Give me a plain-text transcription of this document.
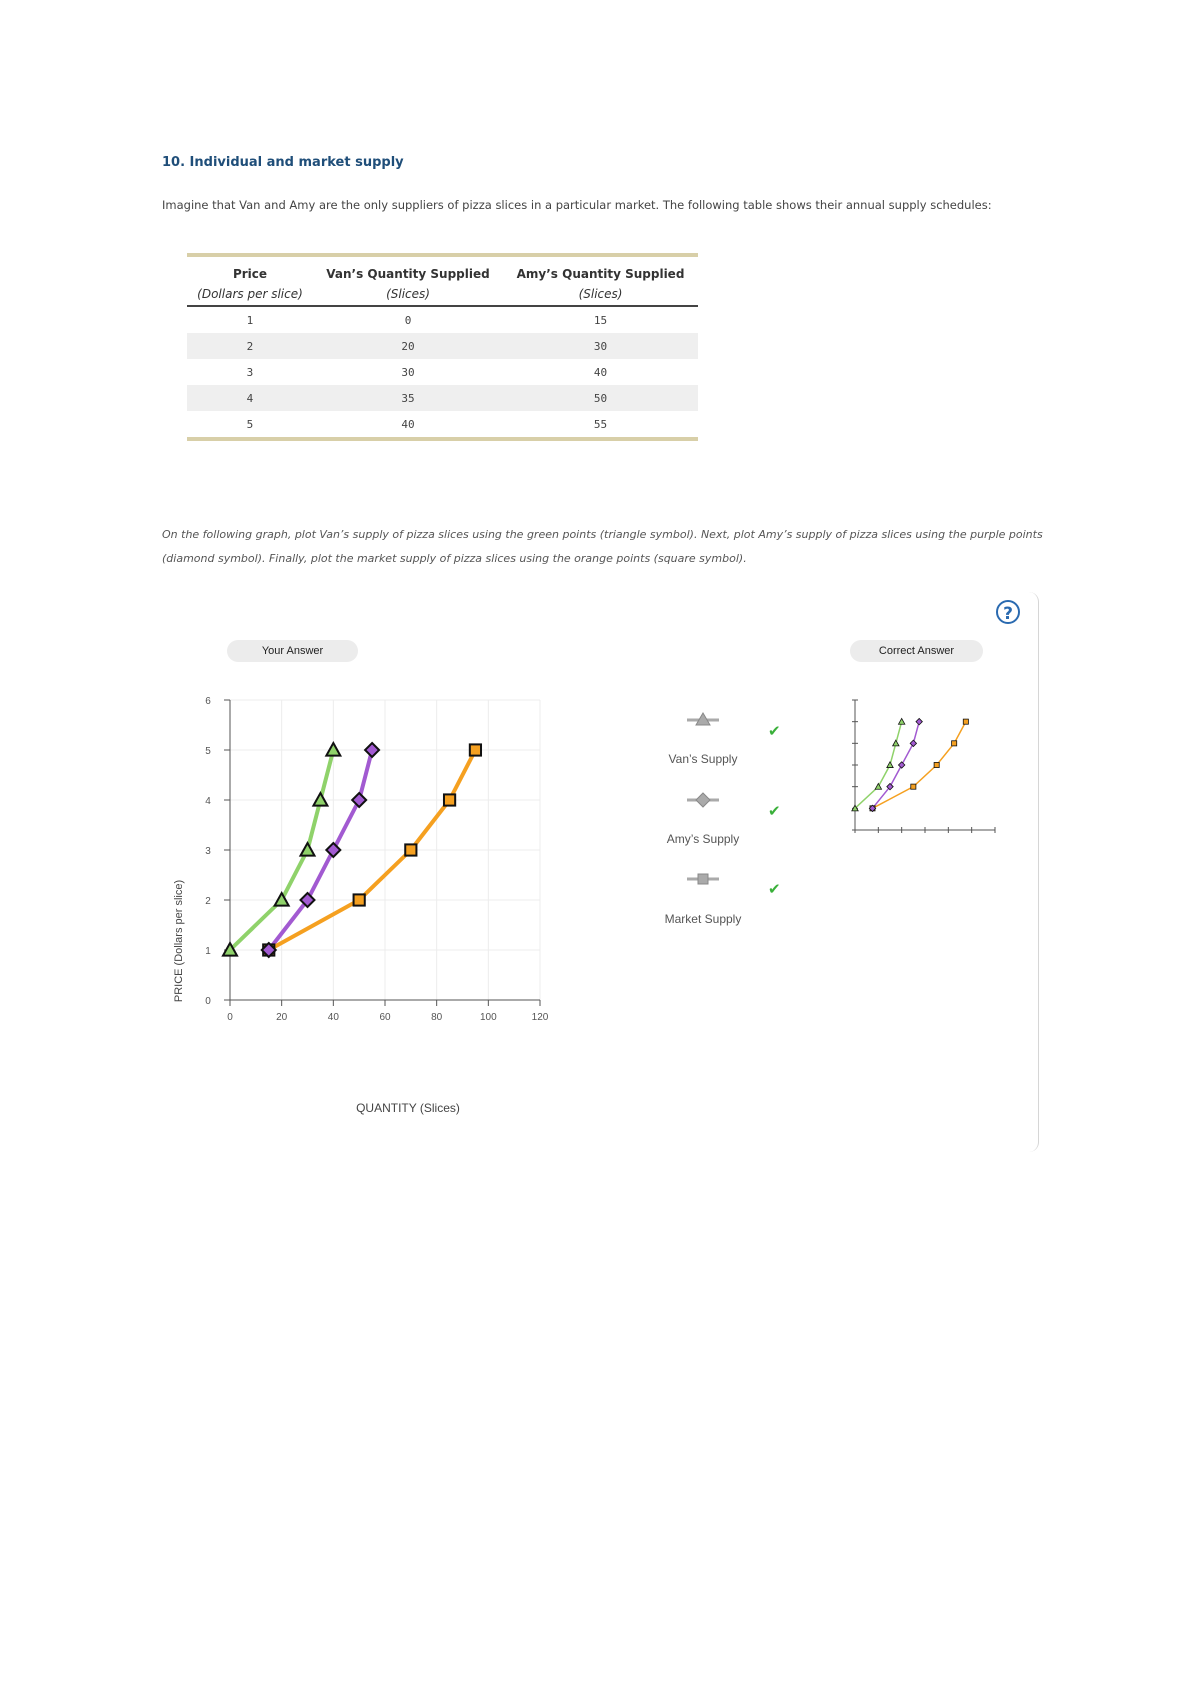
10. Individual and market supply
Imagine that Van and Amy are the only suppliers of pizza slices in a particular market. The following table shows their annual supply schedules:

Price	Van’s Quantity Supplied	Amy’s Quantity Supplied
(Dollars per slice)	(Slices)	(Slices)
1	0	15
2	20	30
3	30	40
4	35	50
5	40	55

On the following graph, plot Van’s supply of pizza slices using the green points (triangle symbol). Next, plot Amy’s supply of pizza slices using the purple points (diamond symbol). Finally, plot the market supply of pizza slices using the orange points (square symbol).
?
Your Answer	Correct Answer
0	20	40	60	80	100	120
0
1
2
3
4
5
6
QUANTITY (Slices)
PRICE (Dollars per slice)
Van’s Supply
✔
Amy’s Supply
✔
Market Supply
✔
